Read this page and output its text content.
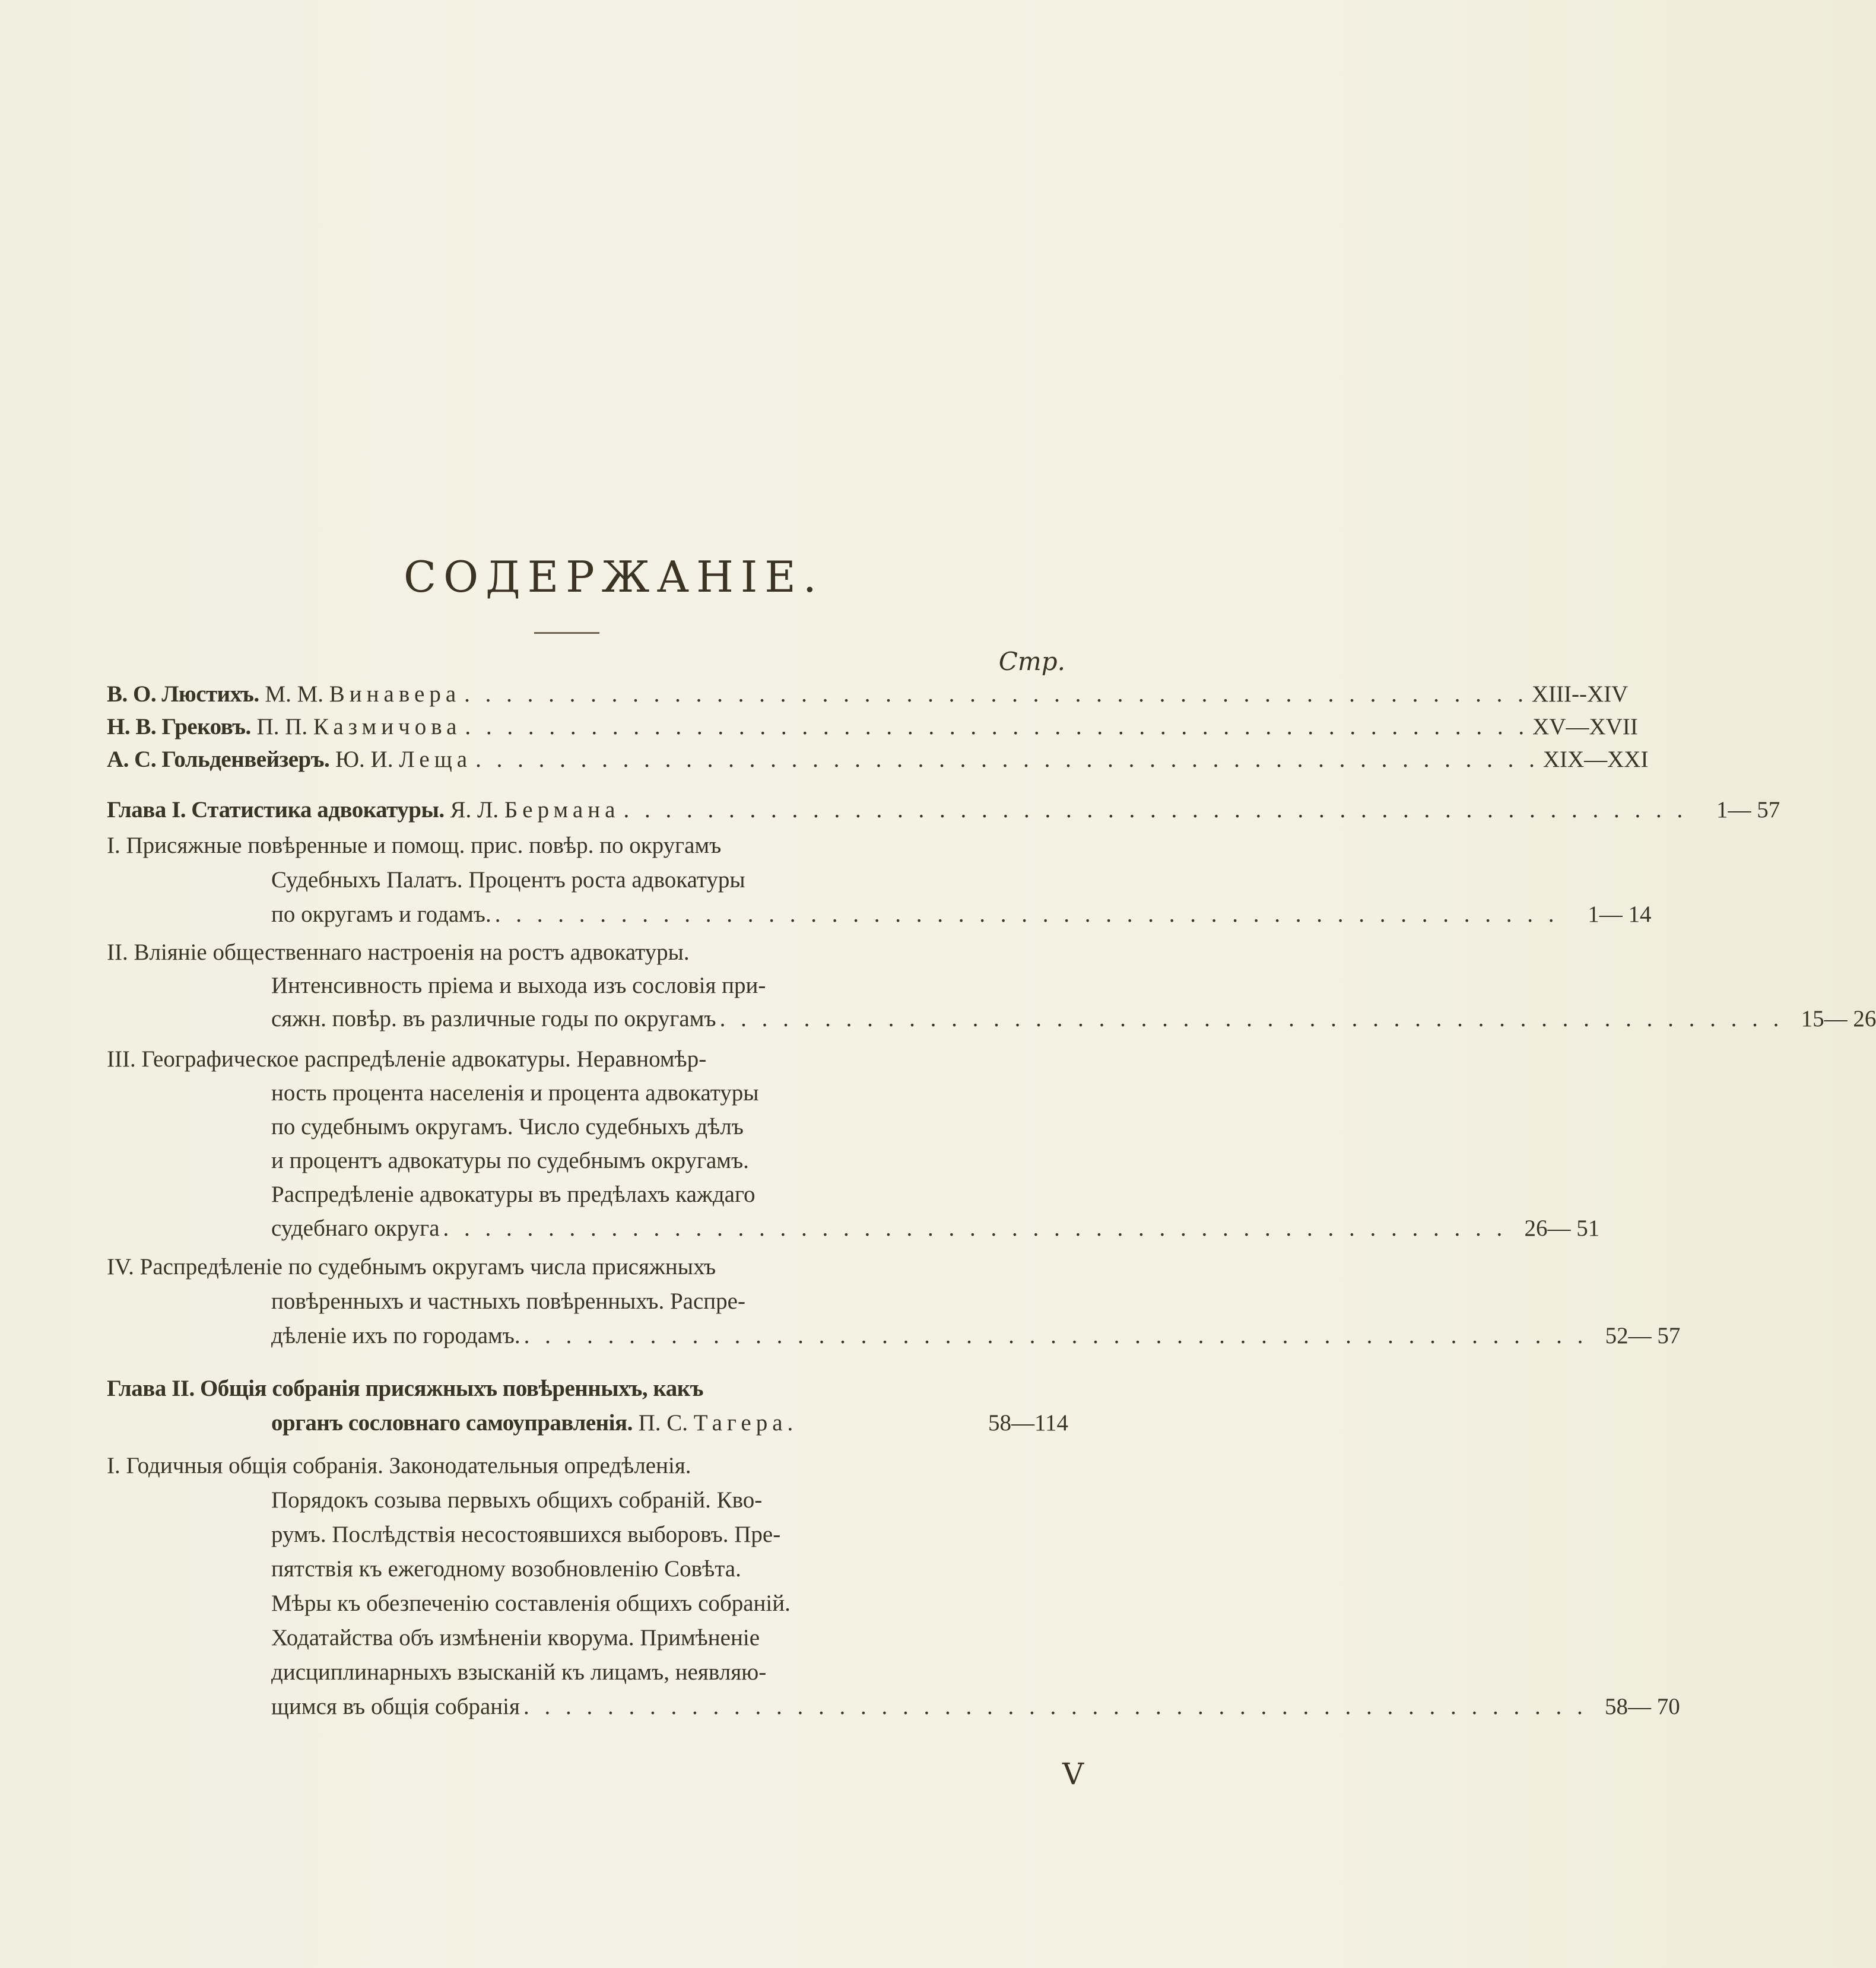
СОДЕРЖАНІЕ.
Стр.
В. О. Люстихъ. М. М. Винавера . . . . . . . . . . . . . . . . . . . . . . . . . . . . . . . . . . . . . . . . . . . . . . . . . . . XIII--XIV
Н. В. Грековъ. П. П. Казмичова . . . . . . . . . . . . . . . . . . . . . . . . . . . . . . . . . . . . . . . . . . . . . . . . . . . XV—XVII
А. С. Гольденвейзеръ. Ю. И. Леща . . . . . . . . . . . . . . . . . . . . . . . . . . . . . . . . . . . . . . . . . . . . . . . . . . . XIX—XXI
Глава I. Статистика адвокатуры. Я. Л. Бермана . . . . . . . . . . . . . . . . . . . . . . . . . . . . . . . . . . . . . . . . . . . . . . . . . . .	1— 57
I. Присяжные повѣренные и помощ. прис. повѣр. по округамъ
Судебныхъ Палатъ. Процентъ роста адвокатуры
по округамъ и годамъ. . . . . . . . . . . . . . . . . . . . . . . . . . . . . . . . . . . . . . . . . . . . . . . . . . . .	1— 14
II. Вліяніе общественнаго настроенія на ростъ адвокатуры.
Интенсивность пріема и выхода изъ сословія при-
сяжн. повѣр. въ различные годы по округамъ . . . . . . . . . . . . . . . . . . . . . . . . . . . . . . . . . . . . . . . . . . . . . . . . . . . 15— 26
III. Географическое распредѣленіе адвокатуры. Неравномѣр-
ность процента населенія и процента адвокатуры
по судебнымъ округамъ. Число судебныхъ дѣлъ
и процентъ адвокатуры по судебнымъ округамъ.
Распредѣленіе адвокатуры въ предѣлахъ каждаго
судебнаго округа . . . . . . . . . . . . . . . . . . . . . . . . . . . . . . . . . . . . . . . . . . . . . . . . . . . 26— 51
IV. Распредѣленіе по судебнымъ округамъ числа присяжныхъ
повѣренныхъ и частныхъ повѣренныхъ. Распре-
дѣленіе ихъ по городамъ. . . . . . . . . . . . . . . . . . . . . . . . . . . . . . . . . . . . . . . . . . . . . . . . . . . . 52— 57
Глава II. Общія собранія присяжныхъ повѣренныхъ, какъ
органъ сословнаго самоуправленія. П. С. Тагера.	58—114
I. Годичныя общія собранія. Законодательныя опредѣленія.
Порядокъ созыва первыхъ общихъ собраній. Кво-
румъ. Послѣдствія несостоявшихся выборовъ. Пре-
пятствія къ ежегодному возобновленію Совѣта.
Мѣры къ обезпеченію составленія общихъ собраній.
Ходатайства объ измѣненіи кворума. Примѣненіе
дисциплинарныхъ взысканій къ лицамъ, неявляю-
щимся въ общія собранія . . . . . . . . . . . . . . . . . . . . . . . . . . . . . . . . . . . . . . . . . . . . . . . . . . . 58— 70
V
